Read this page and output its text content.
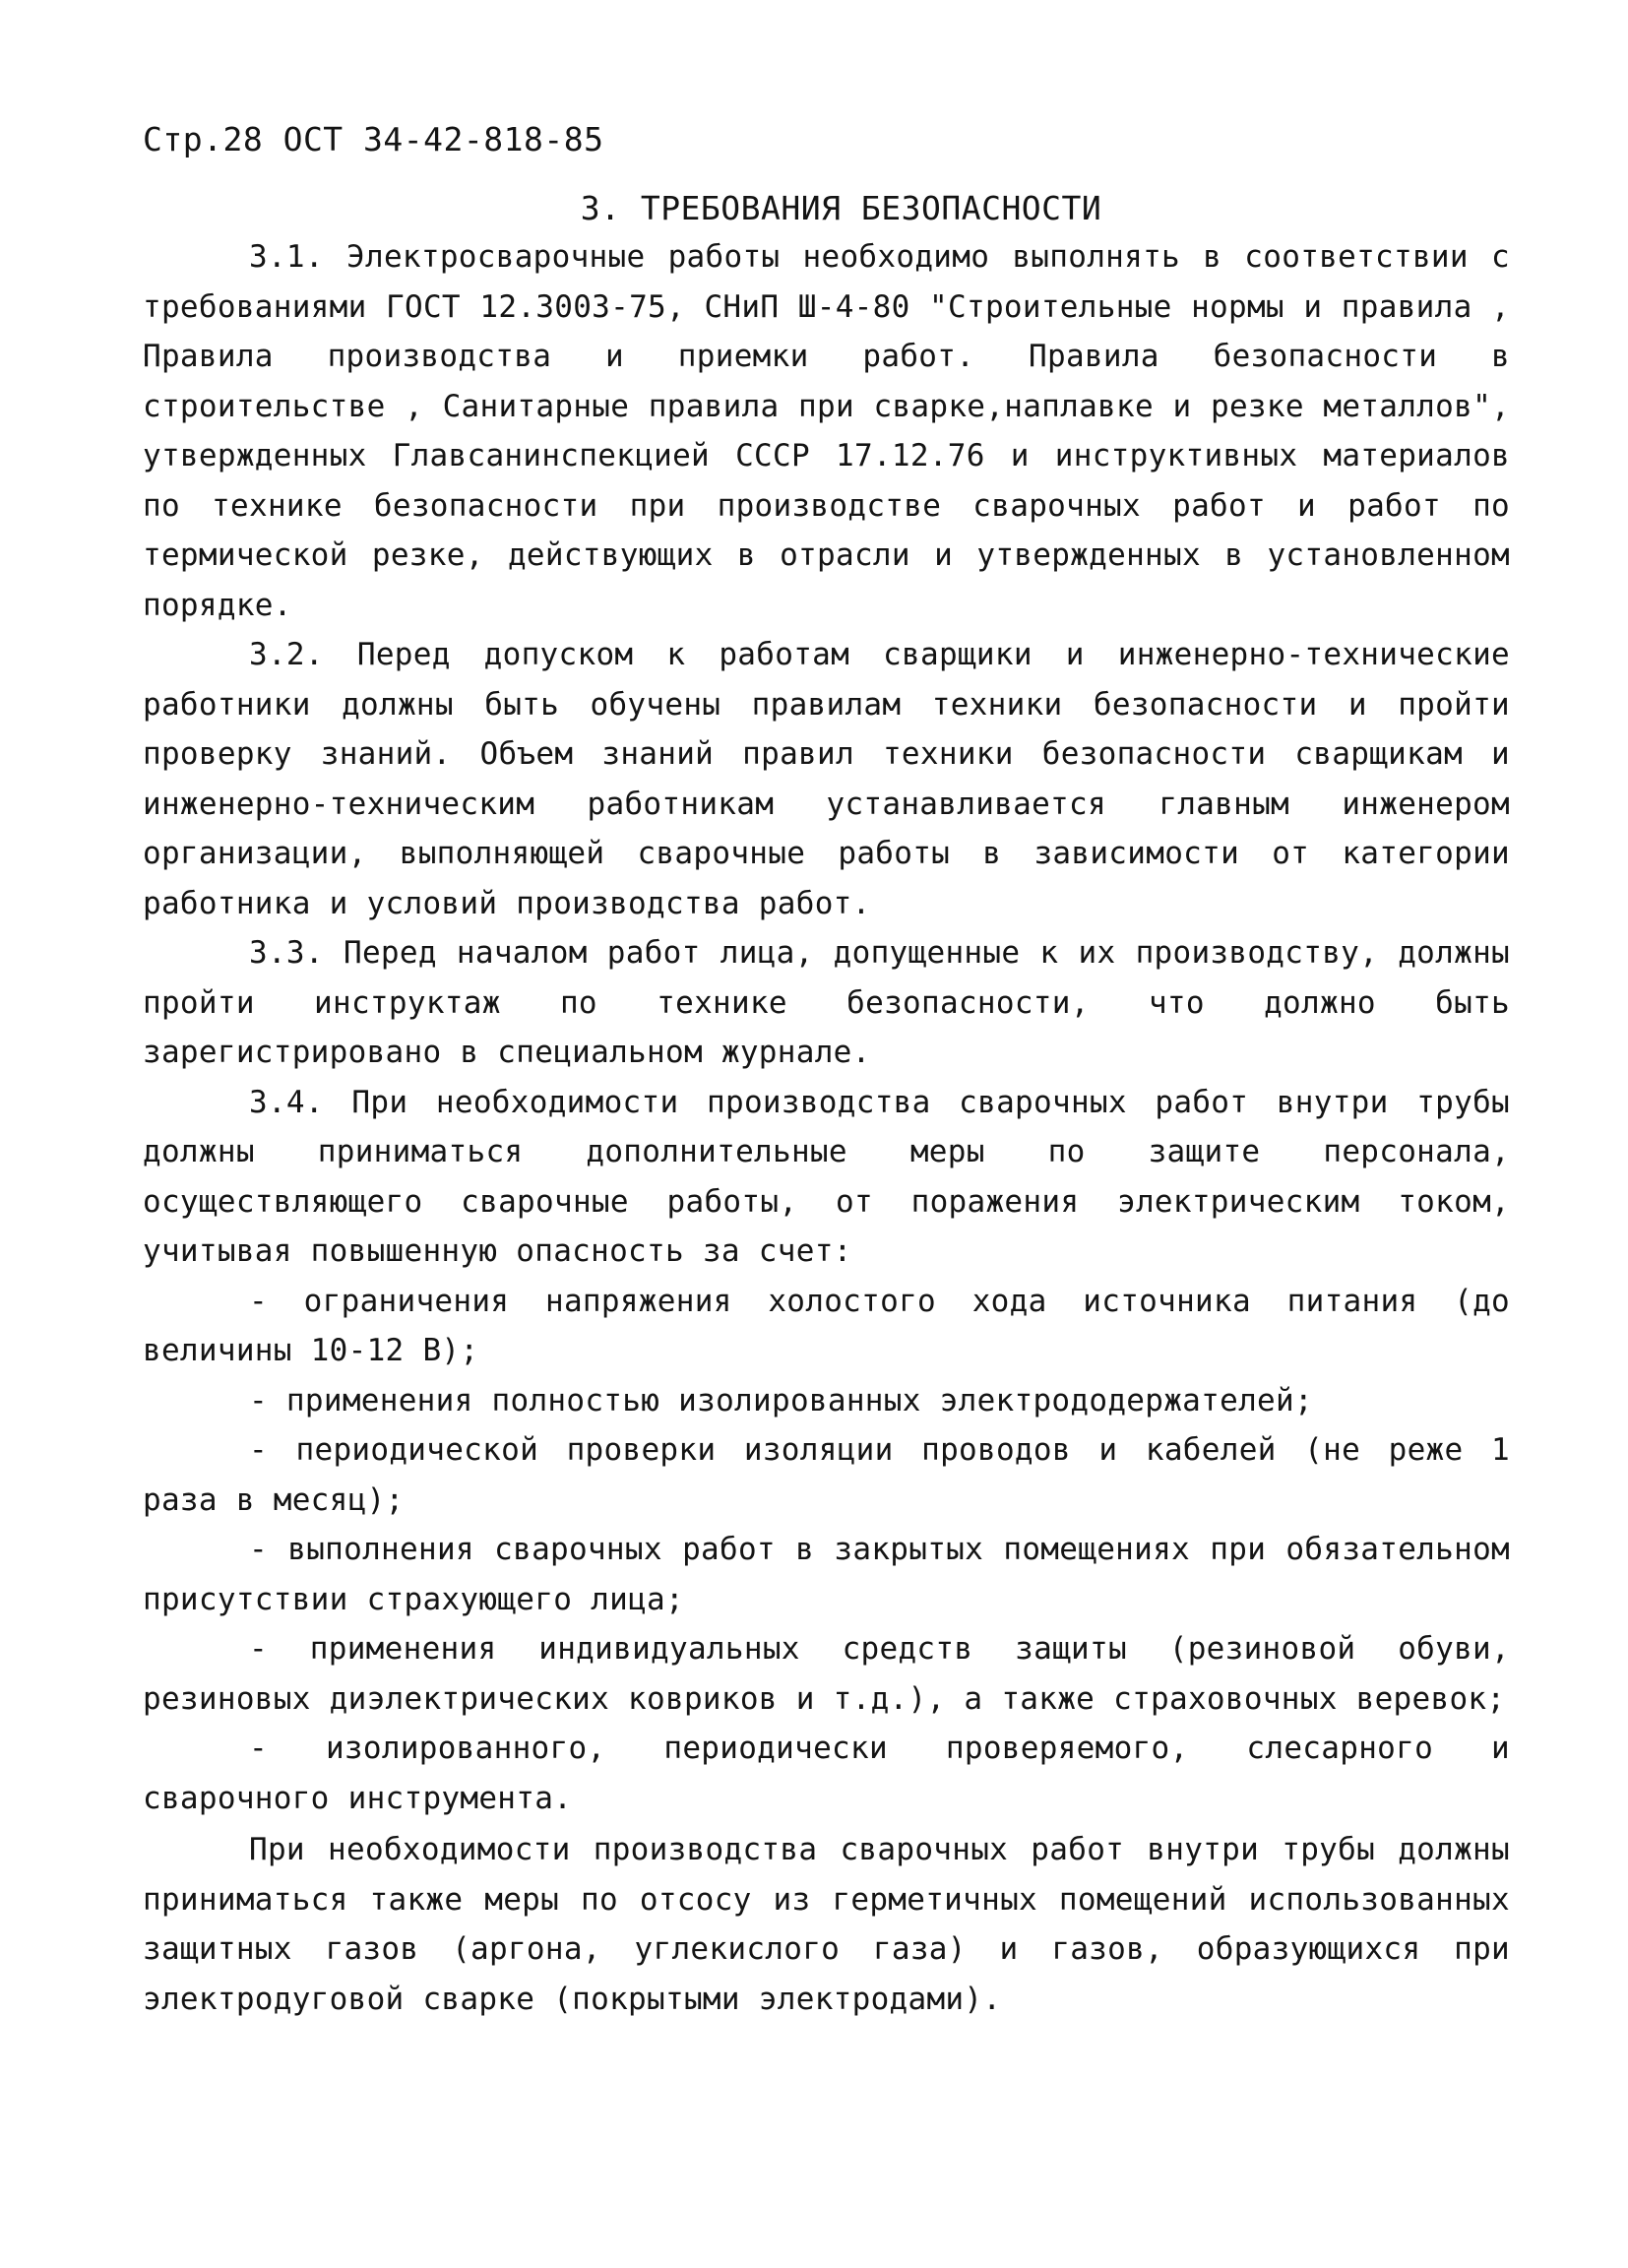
Стр.28 ОСТ 34-42-818-85
3. ТРЕБОВАНИЯ БЕЗОПАСНОСТИ

3.1. Электросварочные работы необходимо выполнять в соответствии с требованиями ГОСТ 12.3003-75, СНиП Ш-4-80 "Строительные нормы и правила , Правила производства и приемки работ. Правила безопасности в строительстве , Санитарные правила при сварке,наплавке и резке металлов", утвержденных Главсанинспекцией СССР 17.12.76 и инструктивных материалов по технике безопасности при производстве сварочных работ и работ по термической резке, действующих в отрасли и утвержденных в установленном порядке.

3.2. Перед допуском к работам сварщики и инженерно-технические работники должны быть обучены правилам техники безопасности и пройти проверку знаний. Объем знаний правил техники безопасности сварщикам и инженерно-техническим работникам устанавливается главным инженером организации, выполняющей сварочные работы в зависимости от категории работника и условий производства работ.

3.3. Перед началом работ лица, допущенные к их производству, должны пройти инструктаж по технике безопасности, что должно быть зарегистрировано в специальном журнале.

3.4. При необходимости производства сварочных работ внутри трубы должны приниматься дополнительные меры по защите персонала, осуществляющего сварочные работы, от поражения электрическим током, учитывая повышенную опасность за счет:

- ограничения напряжения холостого хода источника питания (до величины 10-12 В);
- применения полностью изолированных электрододержателей;
- периодической проверки изоляции проводов и кабелей (не реже 1 раза в месяц);
- выполнения сварочных работ в закрытых помещениях при обязательном присутствии страхующего лица;
- применения индивидуальных средств защиты (резиновой обуви, резиновых диэлектрических ковриков и т.д.), а также страховочных веревок;
- изолированного, периодически проверяемого, слесарного и сварочного инструмента.

При необходимости производства сварочных работ внутри трубы должны приниматься также меры по отсосу из герметичных помещений использованных защитных газов (аргона, углекислого газа) и газов, образующихся при электродуговой сварке (покрытыми электродами).
